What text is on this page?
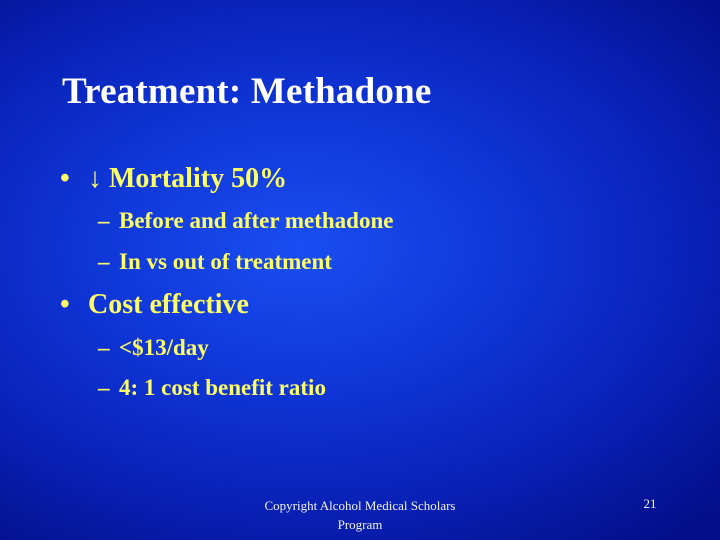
Treatment: Methadone
• ↓ Mortality 50%
– Before and after methadone
– In vs out of treatment
• Cost effective
– <$13/day
– 4: 1 cost benefit ratio
Copyright Alcohol Medical Scholars Program
21
